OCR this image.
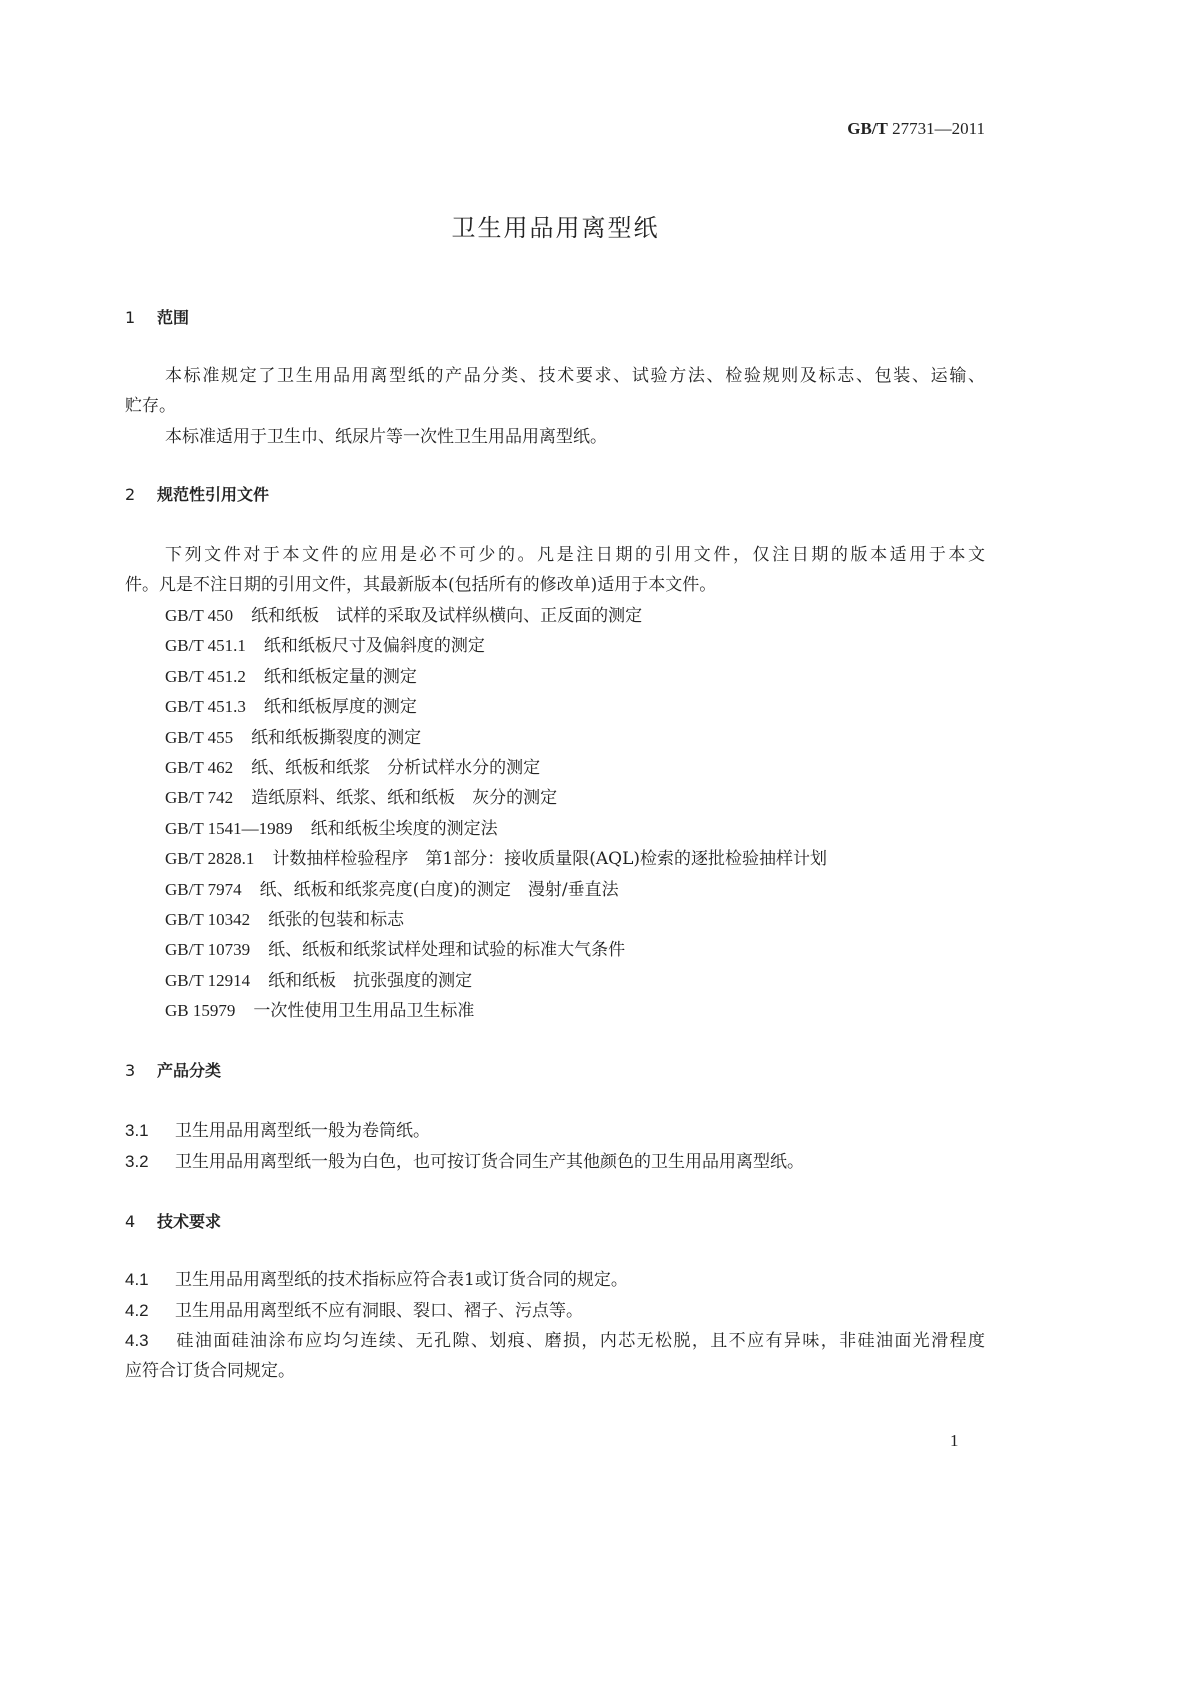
GB/T 27731—2011
卫生用品用离型纸
1 范围
本标准规定了卫生用品用离型纸的产品分类、技术要求、试验方法、检验规则及标志、包装、运输、
贮存。
本标准适用于卫生巾、纸尿片等一次性卫生用品用离型纸。
2 规范性引用文件
下列文件对于本文件的应用是必不可少的。凡是注日期的引用文件，仅注日期的版本适用于本文
件。凡是不注日期的引用文件，其最新版本(包括所有的修改单)适用于本文件。
GB/T 450 纸和纸板　试样的采取及试样纵横向、正反面的测定
GB/T 451.1 纸和纸板尺寸及偏斜度的测定
GB/T 451.2 纸和纸板定量的测定
GB/T 451.3 纸和纸板厚度的测定
GB/T 455 纸和纸板撕裂度的测定
GB/T 462 纸、纸板和纸浆　分析试样水分的测定
GB/T 742 造纸原料、纸浆、纸和纸板　灰分的测定
GB/T 1541—1989 纸和纸板尘埃度的测定法
GB/T 2828.1 计数抽样检验程序　第1部分：接收质量限(AQL)检索的逐批检验抽样计划
GB/T 7974 纸、纸板和纸浆亮度(白度)的测定　漫射/垂直法
GB/T 10342 纸张的包装和标志
GB/T 10739 纸、纸板和纸浆试样处理和试验的标准大气条件
GB/T 12914 纸和纸板　抗张强度的测定
GB 15979 一次性使用卫生用品卫生标准
3 产品分类
3.1 卫生用品用离型纸一般为卷筒纸。
3.2 卫生用品用离型纸一般为白色，也可按订货合同生产其他颜色的卫生用品用离型纸。
4 技术要求
4.1 卫生用品用离型纸的技术指标应符合表1或订货合同的规定。
4.2 卫生用品用离型纸不应有洞眼、裂口、褶子、污点等。
4.3 硅油面硅油涂布应均匀连续、无孔隙、划痕、磨损，内芯无松脱，且不应有异味，非硅油面光滑程度
应符合订货合同规定。
1
